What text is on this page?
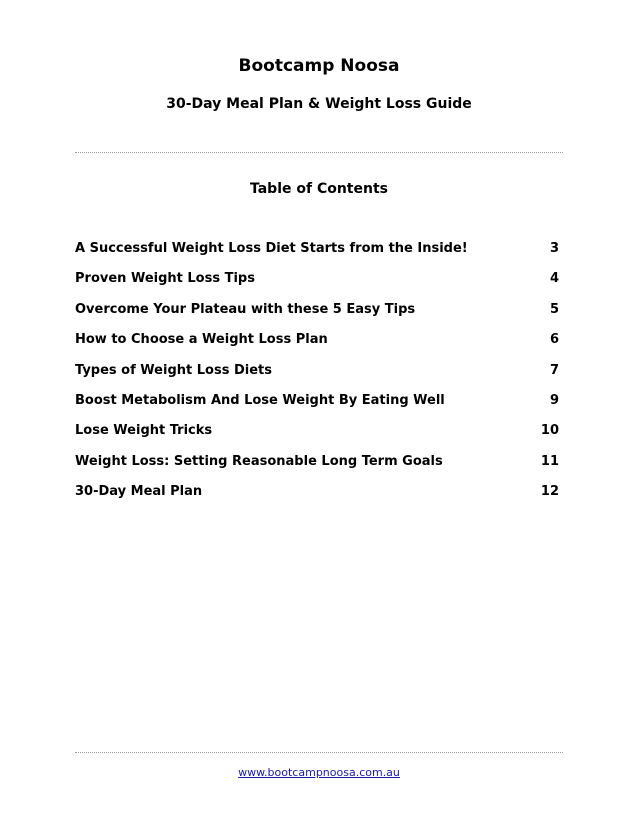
Bootcamp Noosa
30-Day Meal Plan & Weight Loss Guide
Table of Contents
A Successful Weight Loss Diet Starts from the Inside!	3
Proven Weight Loss Tips	4
Overcome Your Plateau with these 5 Easy Tips	5
How to Choose a Weight Loss Plan	6
Types of Weight Loss Diets	7
Boost Metabolism And Lose Weight By Eating Well	9
Lose Weight Tricks	10
Weight Loss: Setting Reasonable Long Term Goals	11
30-Day Meal Plan	12
www.bootcampnoosa.com.au
